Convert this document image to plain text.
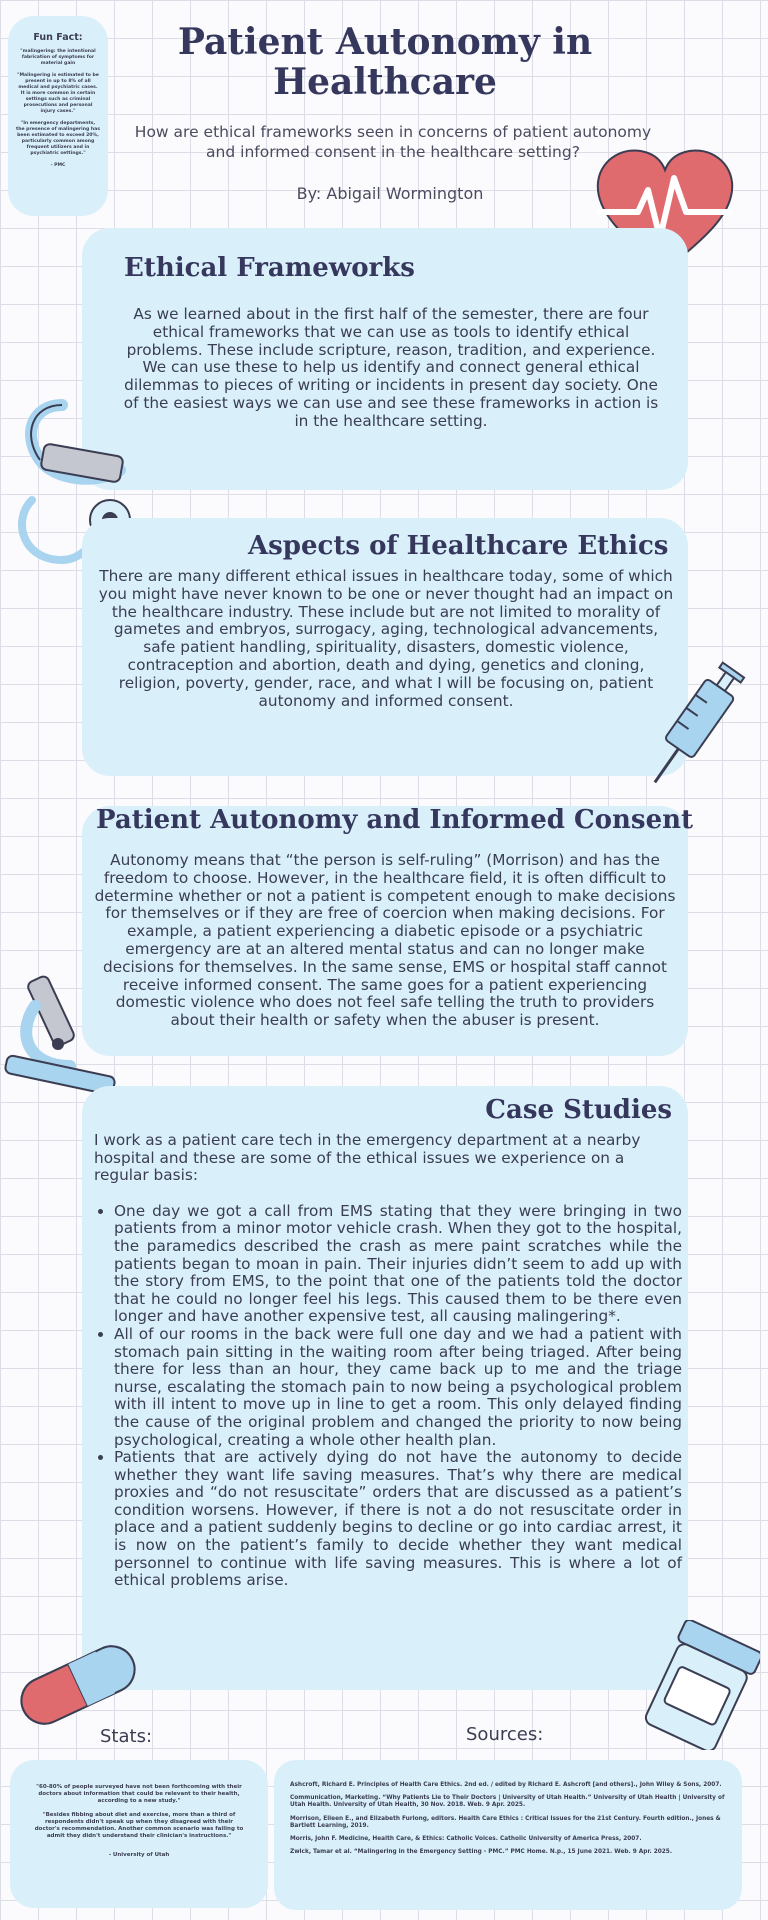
Patient Autonomy in Healthcare
How are ethical frameworks seen in concerns of patient autonomy and informed consent in the healthcare setting?
By: Abigail Wormington
Fun Fact:
"malingering: the intentional fabrication of symptoms for material gain
"Malingering is estimated to be present in up to 8% of all medical and psychiatric cases. It is more common in certain settings such as criminal prosecutions and personal injury cases."
"In emergency departments, the presence of malingering has been estimated to exceed 20%, particularly common among frequent utilizers and in psychiatric settings."
- PMC
Ethical Frameworks
As we learned about in the first half of the semester, there are four ethical frameworks that we can use as tools to identify ethical problems. These include scripture, reason, tradition, and experience. We can use these to help us identify and connect general ethical dilemmas to pieces of writing or incidents in present day society. One of the easiest ways we can use and see these frameworks in action is in the healthcare setting.
Aspects of Healthcare Ethics
There are many different ethical issues in healthcare today, some of which you might have never known to be one or never thought had an impact on the healthcare industry. These include but are not limited to morality of gametes and embryos, surrogacy, aging, technological advancements, safe patient handling, spirituality, disasters, domestic violence, contraception and abortion, death and dying, genetics and cloning, religion, poverty, gender, race, and what I will be focusing on, patient autonomy and informed consent.
Patient Autonomy and Informed Consent
Autonomy means that “the person is self-ruling” (Morrison) and has the freedom to choose. However, in the healthcare field, it is often difficult to determine whether or not a patient is competent enough to make decisions for themselves or if they are free of coercion when making decisions. For example, a patient experiencing a diabetic episode or a psychiatric emergency are at an altered mental status and can no longer make decisions for themselves. In the same sense, EMS or hospital staff cannot receive informed consent. The same goes for a patient experiencing domestic violence who does not feel safe telling the truth to providers about their health or safety when the abuser is present.
Case Studies
I work as a patient care tech in the emergency department at a nearby hospital and these are some of the ethical issues we experience on a regular basis:
• One day we got a call from EMS stating that they were bringing in two patients from a minor motor vehicle crash. When they got to the hospital, the paramedics described the crash as mere paint scratches while the patients began to moan in pain. Their injuries didn’t seem to add up with the story from EMS, to the point that one of the patients told the doctor that he could no longer feel his legs. This caused them to be there even longer and have another expensive test, all causing malingering*.
• All of our rooms in the back were full one day and we had a patient with stomach pain sitting in the waiting room after being triaged. After being there for less than an hour, they came back up to me and the triage nurse, escalating the stomach pain to now being a psychological problem with ill intent to move up in line to get a room. This only delayed finding the cause of the original problem and changed the priority to now being psychological, creating a whole other health plan.
• Patients that are actively dying do not have the autonomy to decide whether they want life saving measures. That’s why there are medical proxies and “do not resuscitate” orders that are discussed as a patient’s condition worsens. However, if there is not a do not resuscitate order in place and a patient suddenly begins to decline or go into cardiac arrest, it is now on the patient’s family to decide whether they want medical personnel to continue with life saving measures. This is where a lot of ethical problems arise.
Stats:	Sources:
"60-80% of people surveyed have not been forthcoming with their doctors about information that could be relevant to their health, according to a new study."
"Besides fibbing about diet and exercise, more than a third of respondents didn't speak up when they disagreed with their doctor's recommendation. Another common scenario was failing to admit they didn't understand their clinician's instructions."
- University of Utah
Ashcroft, Richard E. Principles of Health Care Ethics. 2nd ed. / edited by Richard E. Ashcroft [and others]., John Wiley & Sons, 2007.
Communication, Marketing. “Why Patients Lie to Their Doctors | University of Utah Health.” University of Utah Health | University of Utah Health. University of Utah Health, 30 Nov. 2018. Web. 9 Apr. 2025.
Morrison, Eileen E., and Elizabeth Furlong, editors. Health Care Ethics : Critical Issues for the 21st Century. Fourth edition., Jones & Bartlett Learning, 2019.
Morris, John F. Medicine, Health Care, & Ethics: Catholic Voices. Catholic University of America Press, 2007.
Zwick, Tamar et al. “Malingering in the Emergency Setting - PMC.” PMC Home. N.p., 15 June 2021. Web. 9 Apr. 2025.
